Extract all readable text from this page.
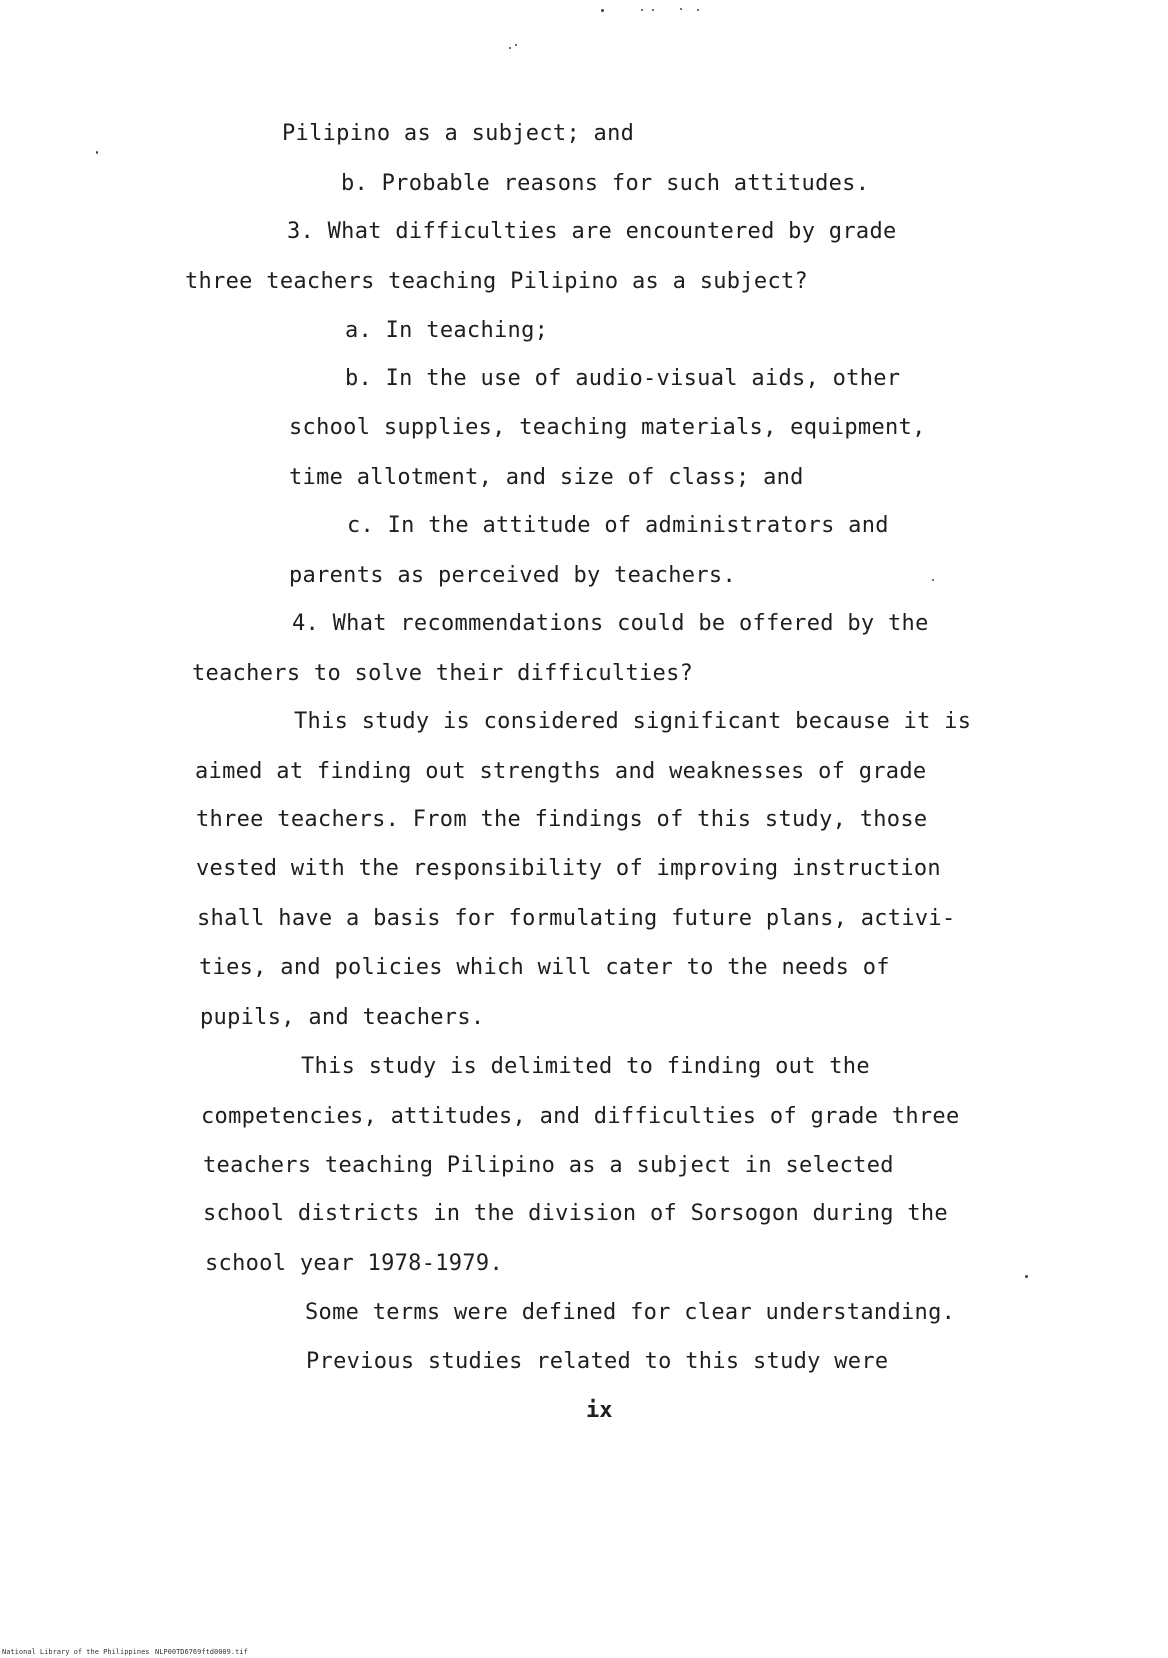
Pilipino as a subject; and
b. Probable reasons for such attitudes.
3. What difficulties are encountered by grade
three teachers teaching Pilipino as a subject?
a. In teaching;
b. In the use of audio-visual aids, other
school supplies, teaching materials, equipment,
time allotment, and size of class; and
c. In the attitude of administrators and
parents as perceived by teachers.
4. What recommendations could be offered by the
teachers to solve their difficulties?
This study is considered significant because it is
aimed at finding out strengths and weaknesses of grade
three teachers. From the findings of this study, those
vested with the responsibility of improving instruction
shall have a basis for formulating future plans, activi-
ties, and policies which will cater to the needs of
pupils, and teachers.
This study is delimited to finding out the
competencies, attitudes, and difficulties of grade three
teachers teaching Pilipino as a subject in selected
school districts in the division of Sorsogon during the
school year 1978-1979.
Some terms were defined for clear understanding.
Previous studies related to this study were
ix
National Library of the Philippines NLP00TD6769ftd0009.tif
